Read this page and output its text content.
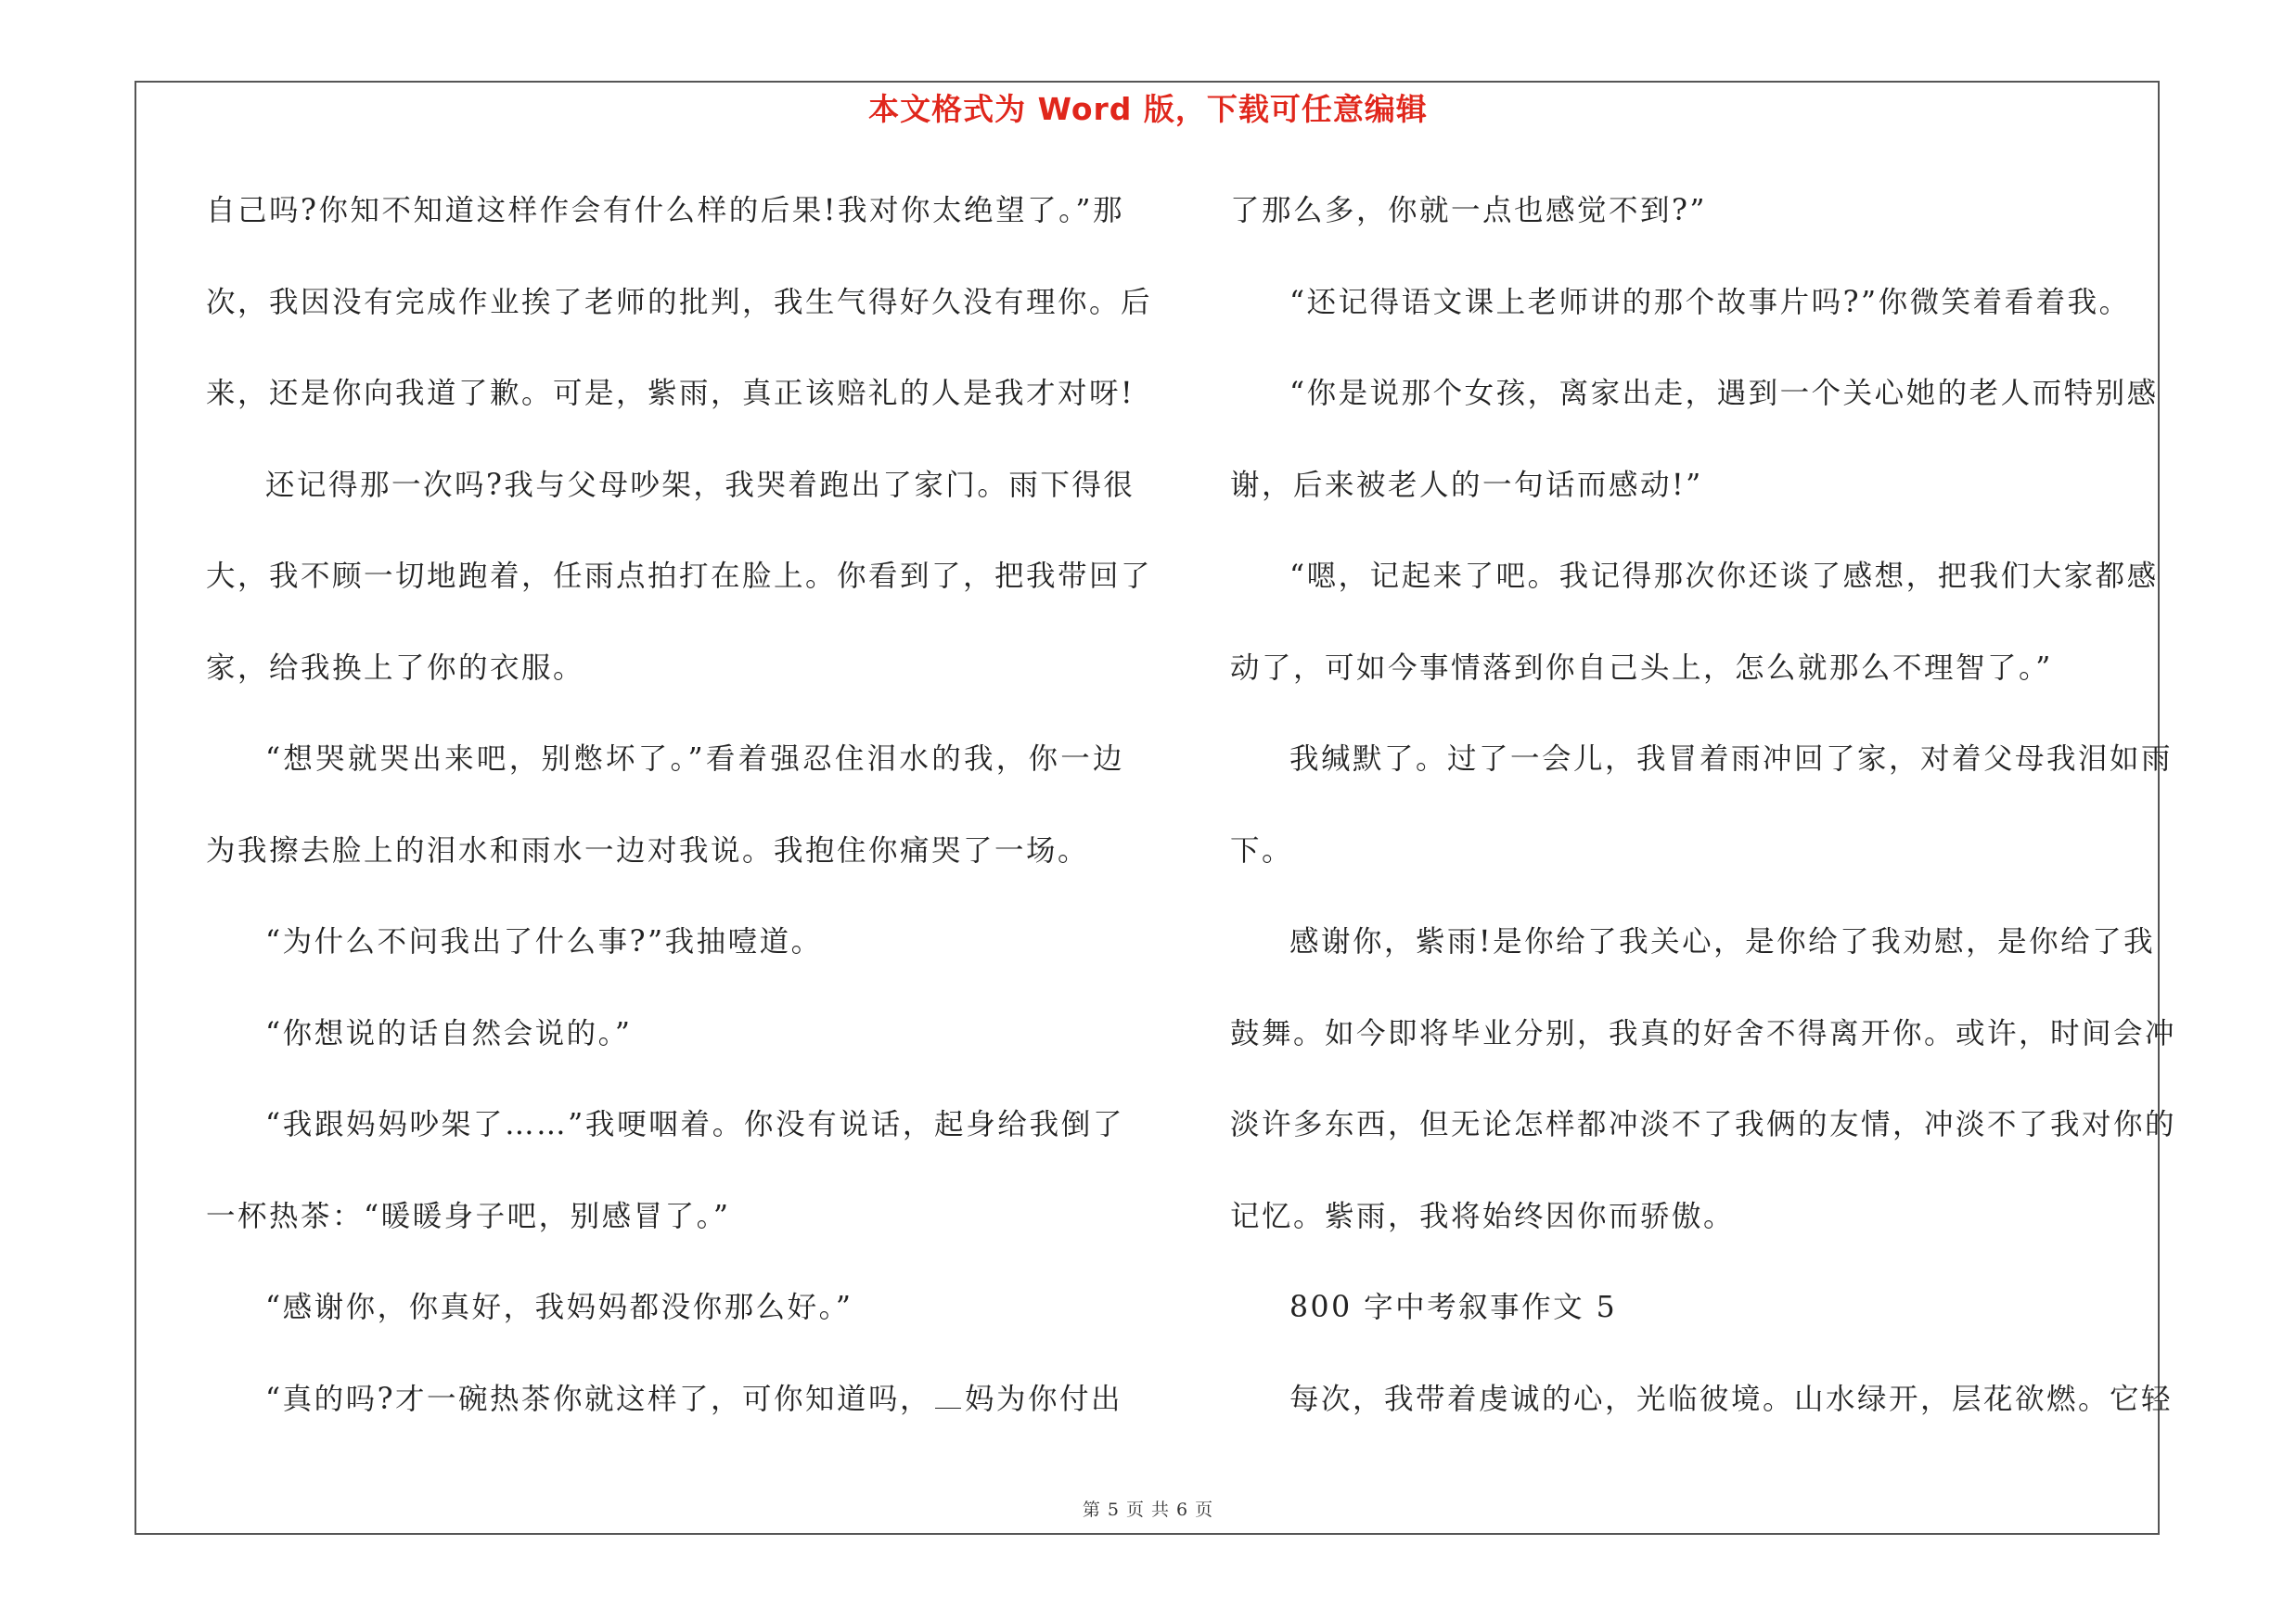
本文格式为 Word 版，下载可任意编辑
自己吗?你知不知道这样作会有什么样的后果!我对你太绝望了。”那
次，我因没有完成作业挨了老师的批判，我生气得好久没有理你。后
来，还是你向我道了歉。可是，紫雨，真正该赔礼的人是我才对呀!
还记得那一次吗?我与父母吵架，我哭着跑出了家门。雨下得很
大，我不顾一切地跑着，任雨点拍打在脸上。你看到了，把我带回了
家，给我换上了你的衣服。
“想哭就哭出来吧，别憋坏了。”看着强忍住泪水的我，你一边
为我擦去脸上的泪水和雨水一边对我说。我抱住你痛哭了一场。
“为什么不问我出了什么事?”我抽噎道。
“你想说的话自然会说的。”
“我跟妈妈吵架了……”我哽咽着。你没有说话，起身给我倒了
一杯热茶：“暖暖身子吧，别感冒了。”
“感谢你，你真好，我妈妈都没你那么好。”
“真的吗?才一碗热茶你就这样了，可你知道吗， 妈为你付出
了那么多，你就一点也感觉不到?”
“还记得语文课上老师讲的那个故事片吗?”你微笑着看着我。
“你是说那个女孩，离家出走，遇到一个关心她的老人而特别感
谢，后来被老人的一句话而感动!”
“嗯，记起来了吧。我记得那次你还谈了感想，把我们大家都感
动了，可如今事情落到你自己头上，怎么就那么不理智了。”
我缄默了。过了一会儿，我冒着雨冲回了家，对着父母我泪如雨
下。
感谢你，紫雨!是你给了我关心，是你给了我劝慰，是你给了我
鼓舞。如今即将毕业分别，我真的好舍不得离开你。或许，时间会冲
淡许多东西，但无论怎样都冲淡不了我俩的友情，冲淡不了我对你的
记忆。紫雨，我将始终因你而骄傲。
800 字中考叙事作文 5
每次，我带着虔诚的心，光临彼境。山水绿开，层花欲燃。它轻
第 5 页 共 6 页
